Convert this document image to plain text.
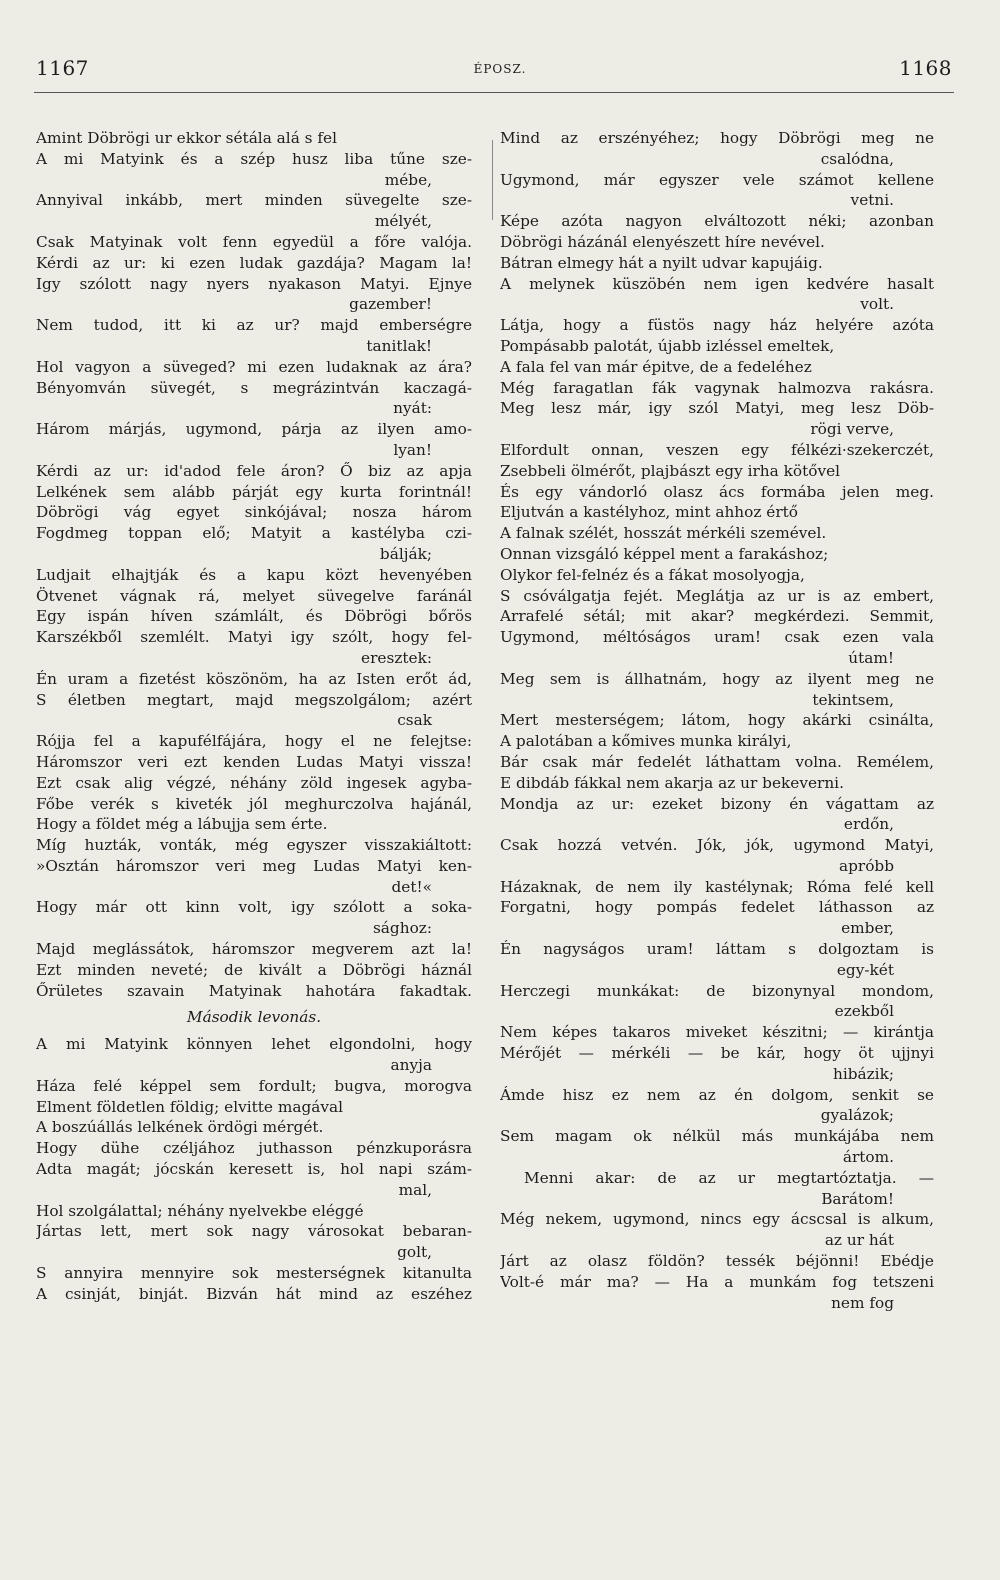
1167	ÉPOSZ.	1168
Amint Döbrögi ur ekkor sétála alá s fel
A mi Matyink és a szép husz liba tűne sze-
mébe,
Annyival inkább, mert minden süvegelte sze-
mélyét,
Csak Matyinak volt fenn egyedül a főre valója.
Kérdi az ur: ki ezen ludak gazdája? Magam la!
Igy szólott nagy nyers nyakason Matyi. Ejnye
gazember!
Nem tudod, itt ki az ur? majd emberségre
tanitlak!
Hol vagyon a süveged? mi ezen ludaknak az ára?
Bényomván süvegét, s megrázintván kaczagá-
nyát:
Három márjás, ugymond, párja az ilyen amo-
lyan!
Kérdi az ur: id'adod fele áron? Ő biz az apja
Lelkének sem alább párját egy kurta forintnál!
Döbrögi vág egyet sinkójával; nosza három
Fogdmeg toppan elő; Matyit a kastélyba czi-
bálják;
Ludjait elhajtják és a kapu közt hevenyében
Ötvenet vágnak rá, melyet süvegelve faránál
Egy ispán híven számlált, és Döbrögi bőrös
Karszékből szemlélt. Matyi igy szólt, hogy fel-
eresztek:
Én uram a fizetést köszönöm, ha az Isten erőt ád,
S életben megtart, majd megszolgálom; azért
csak
Rójja fel a kapufélfájára, hogy el ne felejtse:
Háromszor veri ezt kenden Ludas Matyi vissza!
Ezt csak alig végzé, néhány zöld ingesek agyba-
Főbe verék s kiveték jól meghurczolva hajánál,
Hogy a földet még a lábujja sem érte.
Míg huzták, vonták, még egyszer visszakiáltott:
»Osztán háromszor veri meg Ludas Matyi ken-
det!«
Hogy már ott kinn volt, igy szólott a soka-
sághoz:
Majd meglássátok, háromszor megverem azt la!
Ezt minden neveté; de kivált a Döbrögi háznál
Őrületes szavain Matyinak hahotára fakadtak.
Második levonás.
A mi Matyink könnyen lehet elgondolni, hogy
anyja
Háza felé képpel sem fordult; bugva, morogva
Elment földetlen földig; elvitte magával
A boszúállás lelkének ördögi mérgét.
Hogy dühe czéljához juthasson pénzkuporásra
Adta magát; jócskán keresett is, hol napi szám-
mal,
Hol szolgálattal; néhány nyelvekbe eléggé
Jártas lett, mert sok nagy városokat bebaran-
golt,
S annyira mennyire sok mesterségnek kitanulta
A csinját, binját. Bizván hát mind az eszéhez
Mind az erszényéhez; hogy Döbrögi meg ne
csalódna,
Ugymond, már egyszer vele számot kellene
vetni.
Képe azóta nagyon elváltozott néki; azonban
Döbrögi házánál elenyészett híre nevével.
Bátran elmegy hát a nyilt udvar kapujáig.
A melynek küszöbén nem igen kedvére hasalt
volt.
Látja, hogy a füstös nagy ház helyére azóta
Pompásabb palotát, újabb izléssel emeltek,
A fala fel van már épitve, de a fedeléhez
Még faragatlan fák vagynak halmozva rakásra.
Meg lesz már, igy szól Matyi, meg lesz Döb-
rögi verve,
Elfordult onnan, veszen egy félkézi·szekerczét,
Zsebbeli ölmérőt, plajbászt egy irha kötővel
És egy vándorló olasz ács formába jelen meg.
Eljutván a kastélyhoz, mint ahhoz értő
A falnak szélét, hosszát mérkéli szemével.
Onnan vizsgáló képpel ment a farakáshoz;
Olykor fel-felnéz és a fákat mosolyogja,
S csóválgatja fejét. Meglátja az ur is az embert,
Arrafelé sétál; mit akar? megkérdezi. Semmit,
Ugymond, méltóságos uram! csak ezen vala
útam!
Meg sem is állhatnám, hogy az ilyent meg ne
tekintsem,
Mert mesterségem; látom, hogy akárki csinálta,
A palotában a kőmives munka királyi,
Bár csak már fedelét láthattam volna. Remélem,
E dibdáb fákkal nem akarja az ur bekeverni.
Mondja az ur: ezeket bizony én vágattam az
erdőn,
Csak hozzá vetvén. Jók, jók, ugymond Matyi,
apróbb
Házaknak, de nem ily kastélynak; Róma felé kell
Forgatni, hogy pompás fedelet láthasson az
ember,
Én nagyságos uram! láttam s dolgoztam is
egy-két
Herczegi munkákat: de bizonynyal mondom,
ezekből
Nem képes takaros miveket készitni; — kirántja
Mérőjét — mérkéli — be kár, hogy öt ujjnyi
hibázik;
Ámde hisz ez nem az én dolgom, senkit se
gyalázok;
Sem magam ok nélkül más munkájába nem
ártom.
Menni akar: de az ur megtartóztatja. —
Barátom!
Még nekem, ugymond, nincs egy ácscsal is alkum,
az ur hát
Járt az olasz földön? tessék béjönni! Ebédje
Volt-é már ma? — Ha a munkám fog tetszeni
nem fog
